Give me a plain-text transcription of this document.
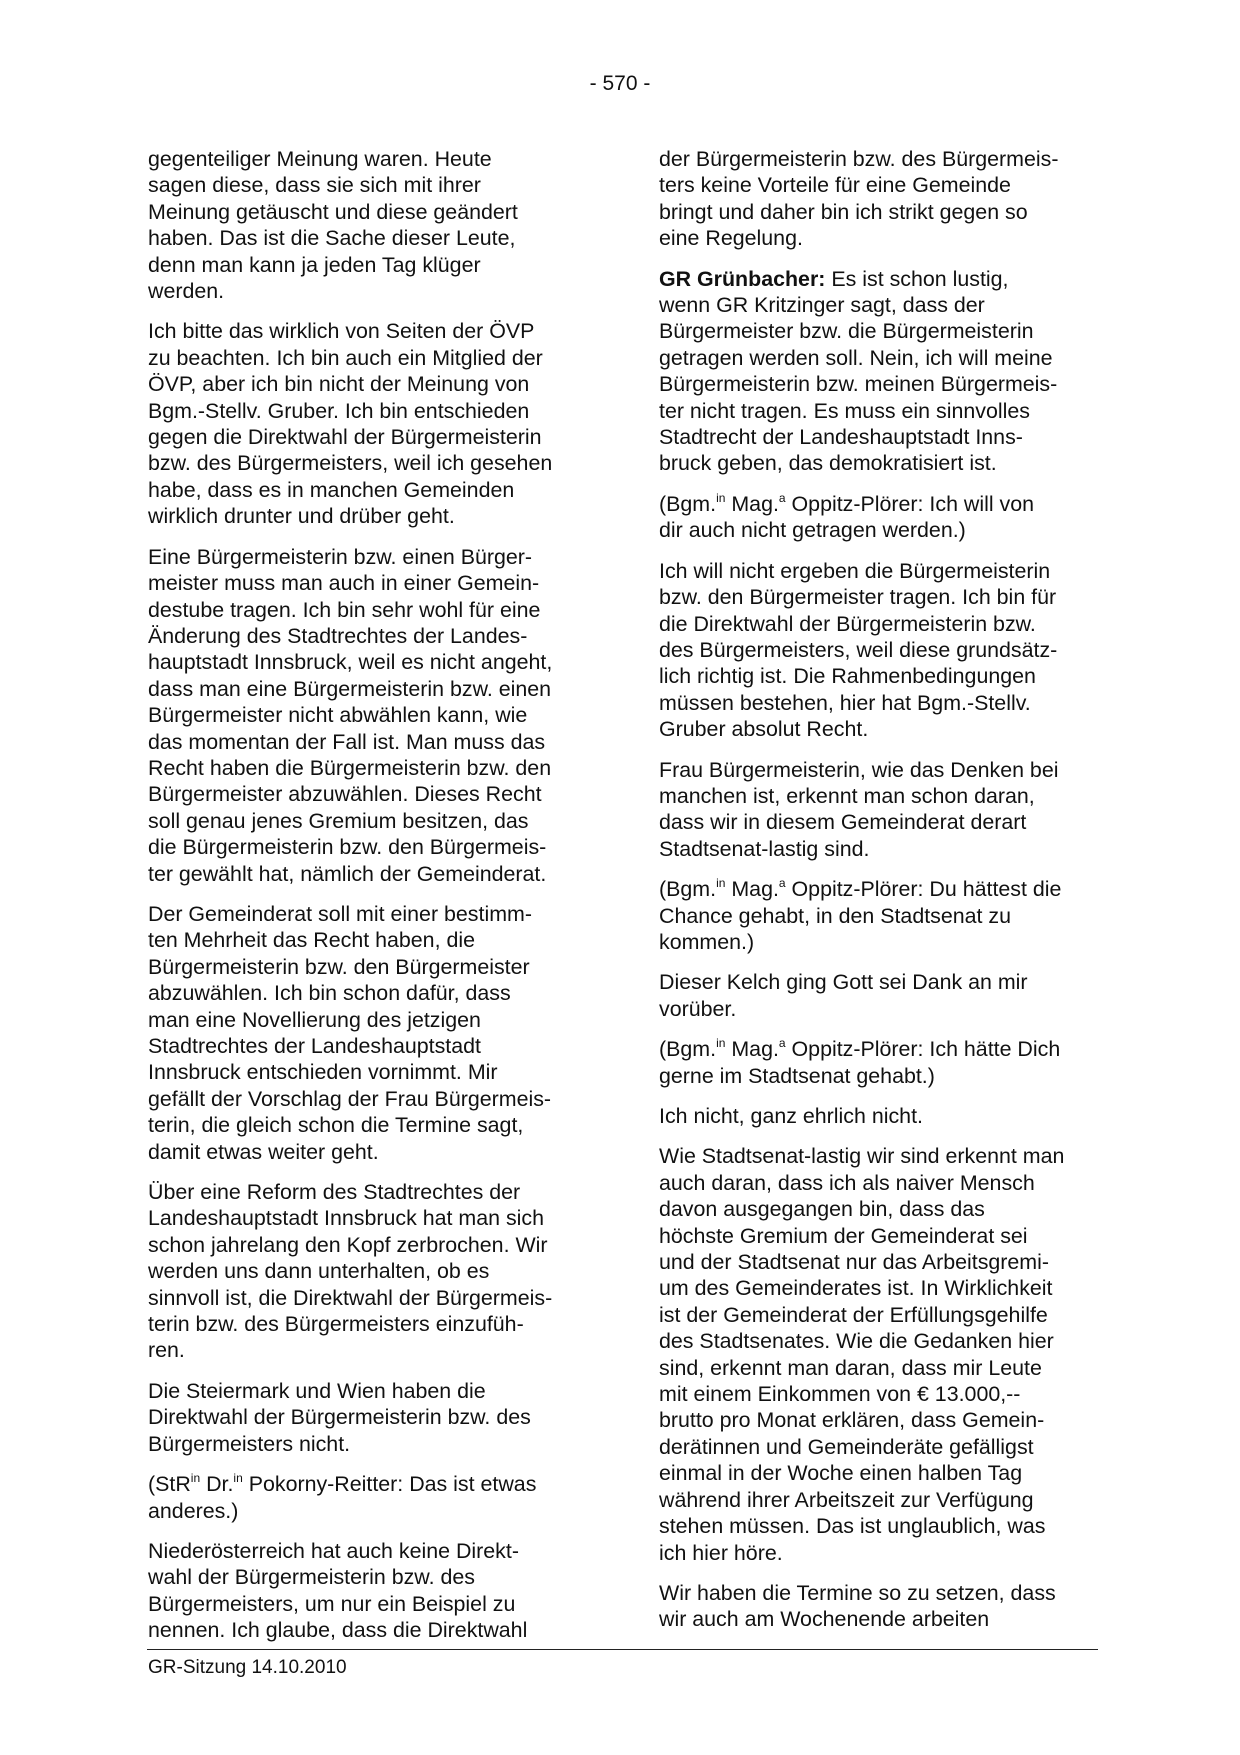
- 570 -

gegenteiliger Meinung waren. Heute
sagen diese, dass sie sich mit ihrer
Meinung getäuscht und diese geändert
haben. Das ist die Sache dieser Leute,
denn man kann ja jeden Tag klüger
werden.

Ich bitte das wirklich von Seiten der ÖVP
zu beachten. Ich bin auch ein Mitglied der
ÖVP, aber ich bin nicht der Meinung von
Bgm.-Stellv. Gruber. Ich bin entschieden
gegen die Direktwahl der Bürgermeisterin
bzw. des Bürgermeisters, weil ich gesehen
habe, dass es in manchen Gemeinden
wirklich drunter und drüber geht.

Eine Bürgermeisterin bzw. einen Bürger-
meister muss man auch in einer Gemein-
destube tragen. Ich bin sehr wohl für eine
Änderung des Stadtrechtes der Landes-
hauptstadt Innsbruck, weil es nicht angeht,
dass man eine Bürgermeisterin bzw. einen
Bürgermeister nicht abwählen kann, wie
das momentan der Fall ist. Man muss das
Recht haben die Bürgermeisterin bzw. den
Bürgermeister abzuwählen. Dieses Recht
soll genau jenes Gremium besitzen, das
die Bürgermeisterin bzw. den Bürgermeis-
ter gewählt hat, nämlich der Gemeinderat.

Der Gemeinderat soll mit einer bestimm-
ten Mehrheit das Recht haben, die
Bürgermeisterin bzw. den Bürgermeister
abzuwählen. Ich bin schon dafür, dass
man eine Novellierung des jetzigen
Stadtrechtes der Landeshauptstadt
Innsbruck entschieden vornimmt. Mir
gefällt der Vorschlag der Frau Bürgermeis-
terin, die gleich schon die Termine sagt,
damit etwas weiter geht.

Über eine Reform des Stadtrechtes der
Landeshauptstadt Innsbruck hat man sich
schon jahrelang den Kopf zerbrochen. Wir
werden uns dann unterhalten, ob es
sinnvoll ist, die Direktwahl der Bürgermeis-
terin bzw. des Bürgermeisters einzufüh-
ren.

Die Steiermark und Wien haben die
Direktwahl der Bürgermeisterin bzw. des
Bürgermeisters nicht.

(StR$^{in}$ Dr.$^{in}$ Pokorny-Reitter: Das ist etwas
anderes.)

Niederösterreich hat auch keine Direkt-
wahl der Bürgermeisterin bzw. des
Bürgermeisters, um nur ein Beispiel zu
nennen. Ich glaube, dass die Direktwahl

der Bürgermeisterin bzw. des Bürgermeis-
ters keine Vorteile für eine Gemeinde
bringt und daher bin ich strikt gegen so
eine Regelung.

GR Grünbacher: Es ist schon lustig,
wenn GR Kritzinger sagt, dass der
Bürgermeister bzw. die Bürgermeisterin
getragen werden soll. Nein, ich will meine
Bürgermeisterin bzw. meinen Bürgermeis-
ter nicht tragen. Es muss ein sinnvolles
Stadtrecht der Landeshauptstadt Inns-
bruck geben, das demokratisiert ist.

(Bgm.$^{in}$ Mag.$^a$ Oppitz-Plörer: Ich will von
dir auch nicht getragen werden.)

Ich will nicht ergeben die Bürgermeisterin
bzw. den Bürgermeister tragen. Ich bin für
die Direktwahl der Bürgermeisterin bzw.
des Bürgermeisters, weil diese grundsätz-
lich richtig ist. Die Rahmenbedingungen
müssen bestehen, hier hat Bgm.-Stellv.
Gruber absolut Recht.

Frau Bürgermeisterin, wie das Denken bei
manchen ist, erkennt man schon daran,
dass wir in diesem Gemeinderat derart
Stadtsenat-lastig sind.

(Bgm.$^{in}$ Mag.$^a$ Oppitz-Plörer: Du hättest die
Chance gehabt, in den Stadtsenat zu
kommen.)

Dieser Kelch ging Gott sei Dank an mir
vorüber.

(Bgm.$^{in}$ Mag.$^a$ Oppitz-Plörer: Ich hätte Dich
gerne im Stadtsenat gehabt.)

Ich nicht, ganz ehrlich nicht.

Wie Stadtsenat-lastig wir sind erkennt man
auch daran, dass ich als naiver Mensch
davon ausgegangen bin, dass das
höchste Gremium der Gemeinderat sei
und der Stadtsenat nur das Arbeitsgremi-
um des Gemeinderates ist. In Wirklichkeit
ist der Gemeinderat der Erfüllungsgehilfe
des Stadtsenates. Wie die Gedanken hier
sind, erkennt man daran, dass mir Leute
mit einem Einkommen von € 13.000,--
brutto pro Monat erklären, dass Gemein-
derätinnen und Gemeinderäte gefälligst
einmal in der Woche einen halben Tag
während ihrer Arbeitszeit zur Verfügung
stehen müssen. Das ist unglaublich, was
ich hier höre.

Wir haben die Termine so zu setzen, dass
wir auch am Wochenende arbeiten

GR-Sitzung 14.10.2010
